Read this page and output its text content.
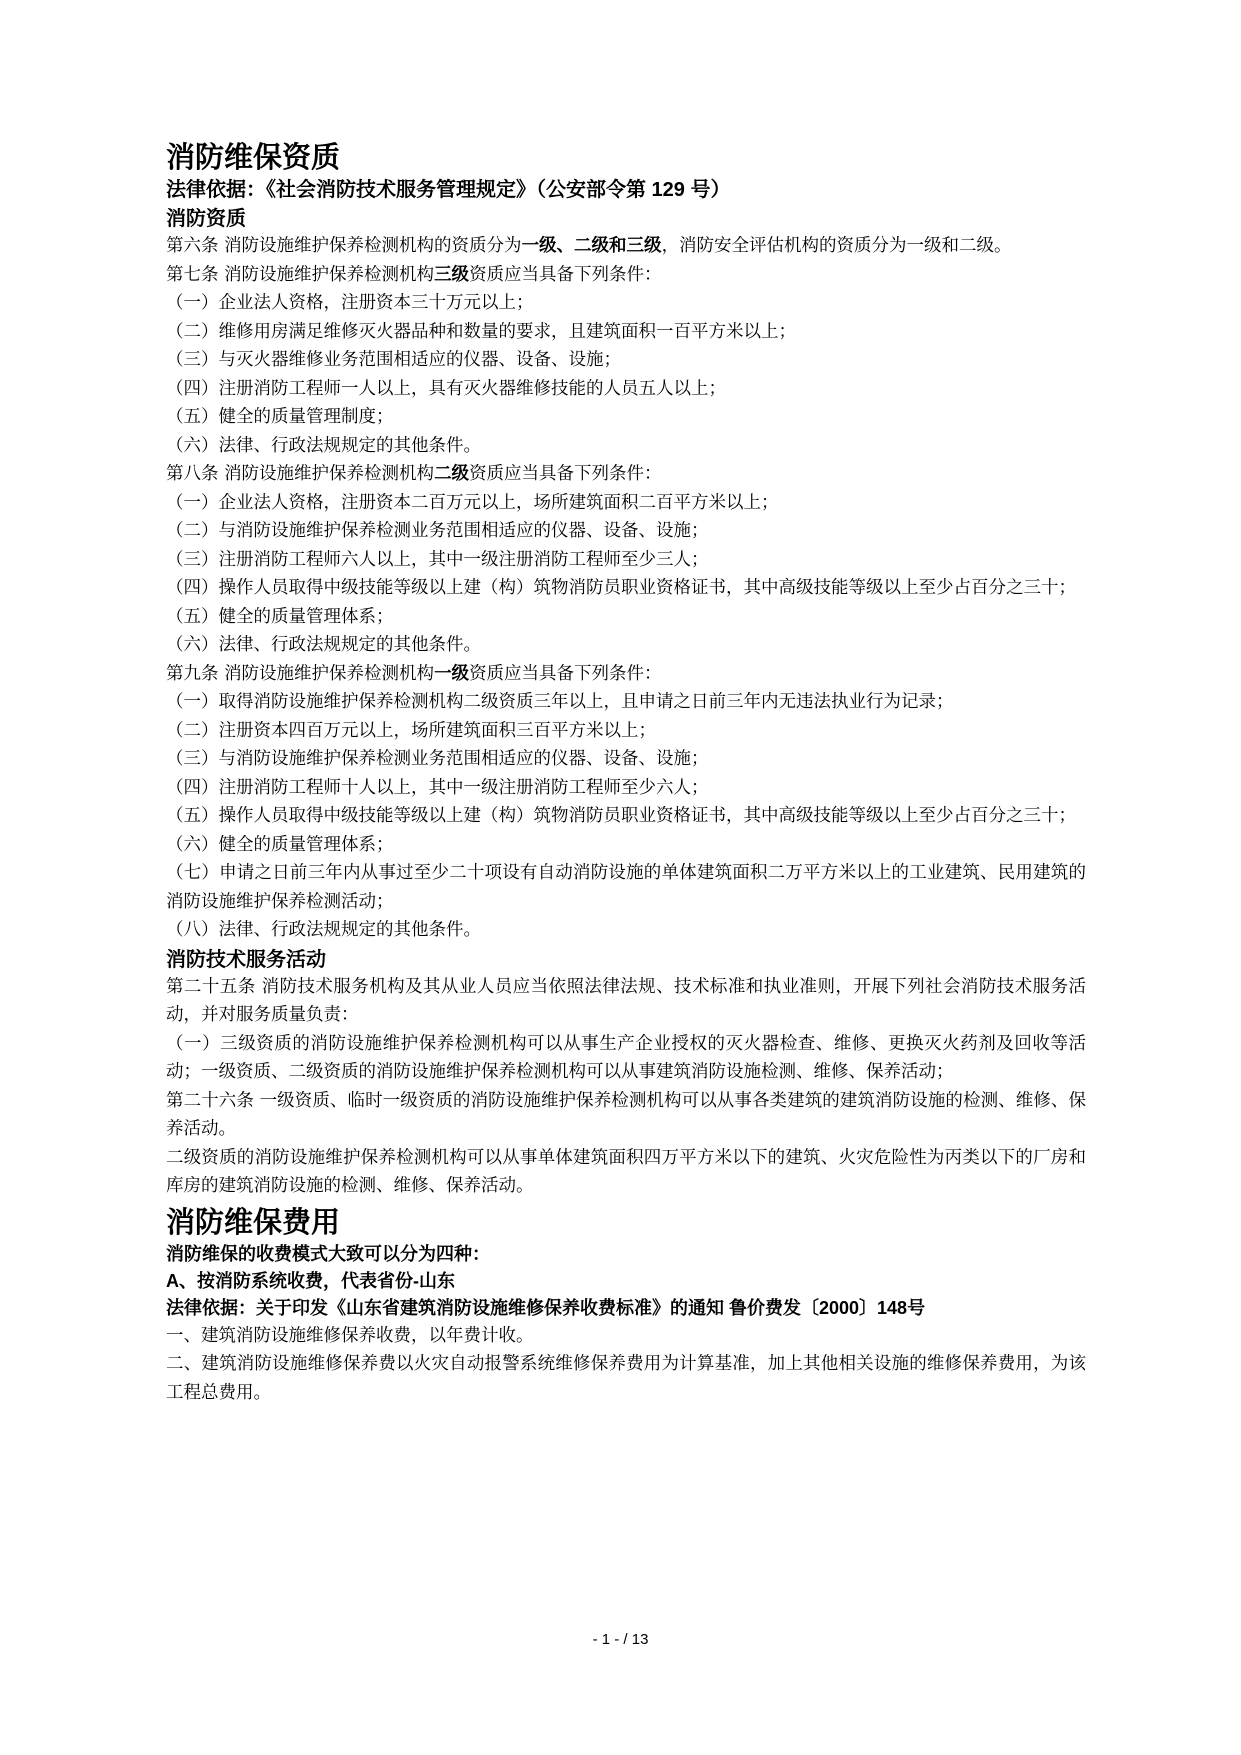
消防维保资质
法律依据：《社会消防技术服务管理规定》（公安部令第 129 号）
消防资质

第六条 消防设施维护保养检测机构的资质分为一级、二级和三级，消防安全评估机构的资质分为一级和二级。

第七条 消防设施维护保养检测机构三级资质应当具备下列条件：

（一）企业法人资格，注册资本三十万元以上；

（二）维修用房满足维修灭火器品种和数量的要求，且建筑面积一百平方米以上；

（三）与灭火器维修业务范围相适应的仪器、设备、设施；

（四）注册消防工程师一人以上，具有灭火器维修技能的人员五人以上；

（五）健全的质量管理制度；

（六）法律、行政法规规定的其他条件。

第八条 消防设施维护保养检测机构二级资质应当具备下列条件：

（一）企业法人资格，注册资本二百万元以上，场所建筑面积二百平方米以上；

（二）与消防设施维护保养检测业务范围相适应的仪器、设备、设施；

（三）注册消防工程师六人以上，其中一级注册消防工程师至少三人；

（四）操作人员取得中级技能等级以上建（构）筑物消防员职业资格证书，其中高级技能等级以上至少占百分之三十；

（五）健全的质量管理体系；

（六）法律、行政法规规定的其他条件。

第九条 消防设施维护保养检测机构一级资质应当具备下列条件：

（一）取得消防设施维护保养检测机构二级资质三年以上，且申请之日前三年内无违法执业行为记录；

（二）注册资本四百万元以上，场所建筑面积三百平方米以上；

（三）与消防设施维护保养检测业务范围相适应的仪器、设备、设施；

（四）注册消防工程师十人以上，其中一级注册消防工程师至少六人；

（五）操作人员取得中级技能等级以上建（构）筑物消防员职业资格证书，其中高级技能等级以上至少占百分之三十；

（六）健全的质量管理体系；

（七）申请之日前三年内从事过至少二十项设有自动消防设施的单体建筑面积二万平方米以上的工业建筑、民用建筑的消防设施维护保养检测活动；

（八）法律、行政法规规定的其他条件。

消防技术服务活动

第二十五条 消防技术服务机构及其从业人员应当依照法律法规、技术标准和执业准则，开展下列社会消防技术服务活动，并对服务质量负责：

（一）三级资质的消防设施维护保养检测机构可以从事生产企业授权的灭火器检查、维修、更换灭火药剂及回收等活动；一级资质、二级资质的消防设施维护保养检测机构可以从事建筑消防设施检测、维修、保养活动；

第二十六条 一级资质、临时一级资质的消防设施维护保养检测机构可以从事各类建筑的建筑消防设施的检测、维修、保养活动。

二级资质的消防设施维护保养检测机构可以从事单体建筑面积四万平方米以下的建筑、火灾危险性为丙类以下的厂房和库房的建筑消防设施的检测、维修、保养活动。

消防维保费用
消防维保的收费模式大致可以分为四种：
A、按消防系统收费，代表省份-山东
法律依据：关于印发《山东省建筑消防设施维修保养收费标准》的通知 鲁价费发〔2000〕148号

一、建筑消防设施维修保养收费，以年费计收。

二、建筑消防设施维修保养费以火灾自动报警系统维修保养费用为计算基准，加上其他相关设施的维修保养费用，为该工程总费用。

- 1 - / 13
